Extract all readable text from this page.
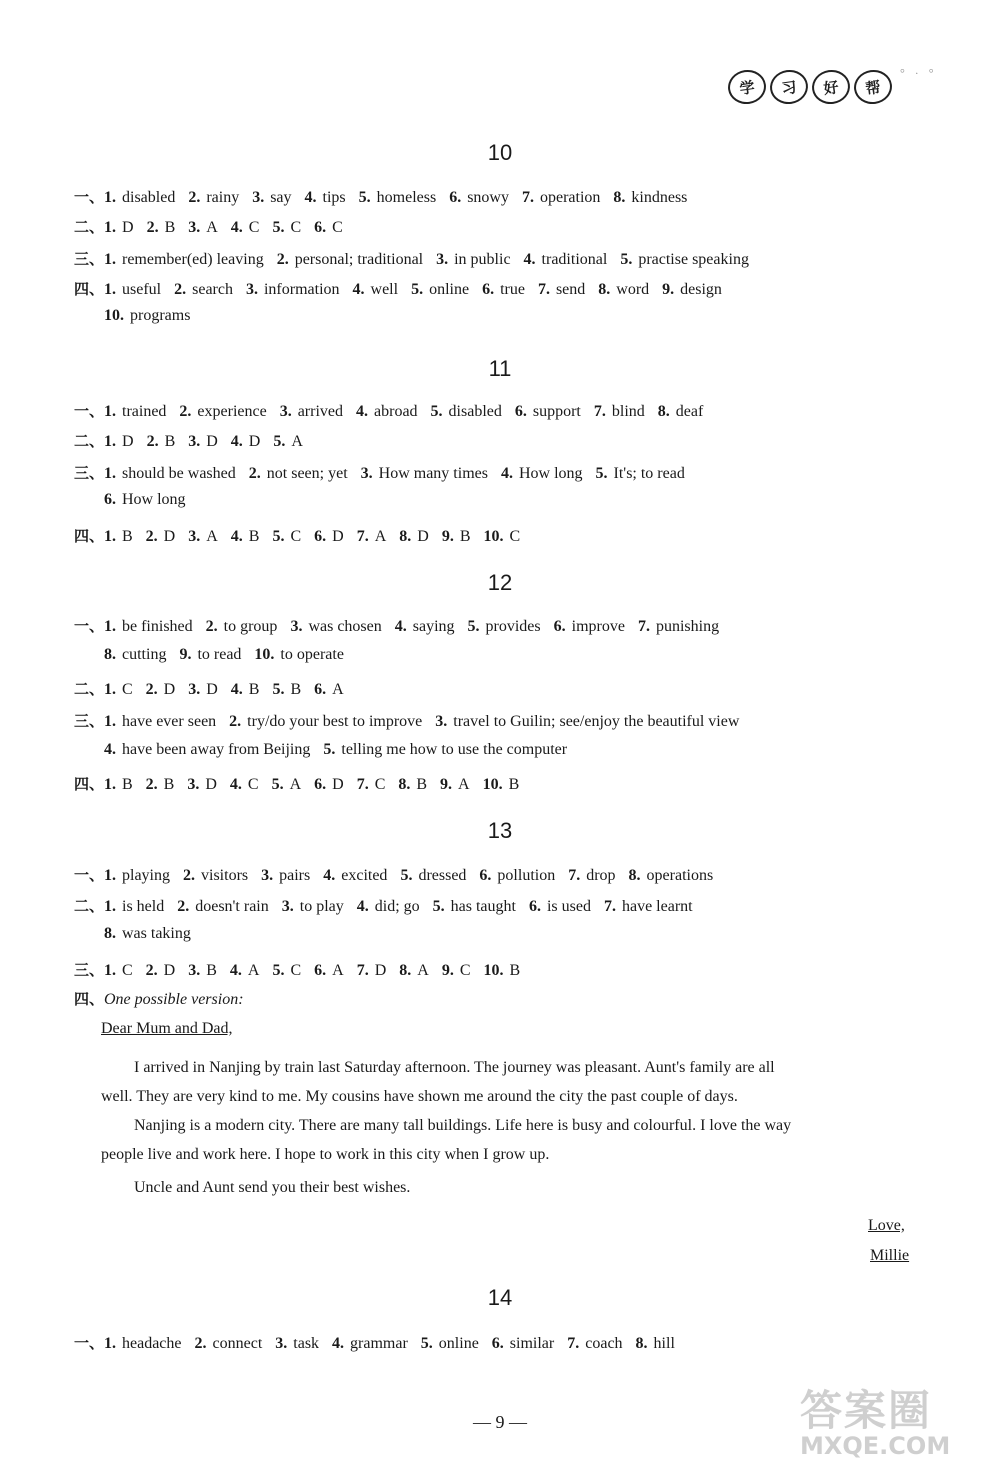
学	习	好	帮
°·°
10
一、1. disabled 2. rainy 3. say 4. tips 5. homeless 6. snowy 7. operation 8. kindness
二、1. D 2. B 3. A 4. C 5. C 6. C
三、1. remember(ed) leaving 2. personal; traditional 3. in public 4. traditional 5. practise speaking
四、1. useful 2. search 3. information 4. well 5. online 6. true 7. send 8. word 9. design
10. programs
11
一、1. trained 2. experience 3. arrived 4. abroad 5. disabled 6. support 7. blind 8. deaf
二、1. D 2. B 3. D 4. D 5. A
三、1. should be washed 2. not seen; yet 3. How many times 4. How long 5. It's; to read
6. How long
四、1. B 2. D 3. A 4. B 5. C 6. D 7. A 8. D 9. B 10. C
12
一、1. be finished 2. to group 3. was chosen 4. saying 5. provides 6. improve 7. punishing
8. cutting 9. to read 10. to operate
二、1. C 2. D 3. D 4. B 5. B 6. A
三、1. have ever seen 2. try/do your best to improve 3. travel to Guilin; see/enjoy the beautiful view
4. have been away from Beijing 5. telling me how to use the computer
四、1. B 2. B 3. D 4. C 5. A 6. D 7. C 8. B 9. A 10. B
13
一、1. playing 2. visitors 3. pairs 4. excited 5. dressed 6. pollution 7. drop 8. operations
二、1. is held 2. doesn't rain 3. to play 4. did; go 5. has taught 6. is used 7. have learnt
8. was taking
三、1. C 2. D 3. B 4. A 5. C 6. A 7. D 8. A 9. C 10. B
四、One possible version:
Dear Mum and Dad,
I arrived in Nanjing by train last Saturday afternoon. The journey was pleasant. Aunt's family are all
well. They are very kind to me. My cousins have shown me around the city the past couple of days.
Nanjing is a modern city. There are many tall buildings. Life here is busy and colourful. I love the way
people live and work here. I hope to work in this city when I grow up.
Uncle and Aunt send you their best wishes.
Love,
Millie
14
一、1. headache 2. connect 3. task 4. grammar 5. online 6. similar 7. coach 8. hill
— 9 —	答案圈
MXQE.COM
